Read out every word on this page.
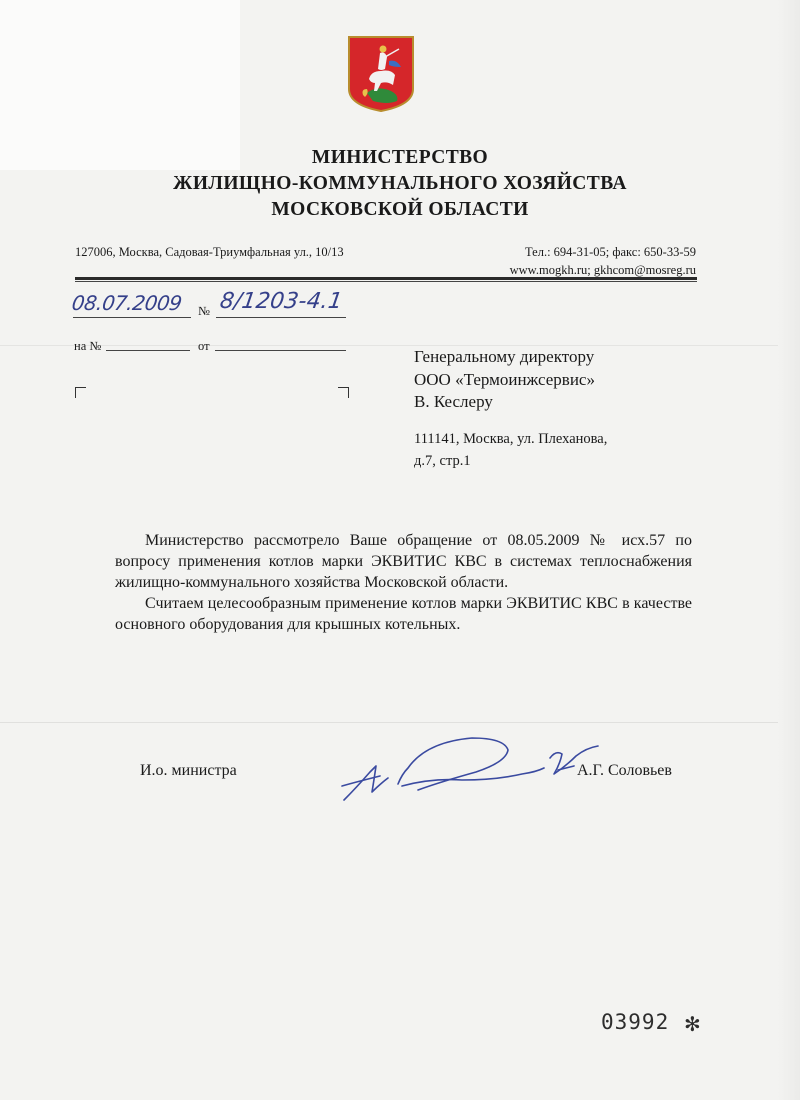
МИНИСТЕРСТВО
ЖИЛИЩНО-КОММУНАЛЬНОГО ХОЗЯЙСТВА
МОСКОВСКОЙ ОБЛАСТИ
127006, Москва, Садовая-Триумфальная ул., 10/13	Тел.: 694-31-05; факс: 650-33-59
www.mogkh.ru; gkhcom@mosreg.ru
08.07.2009 № 8/1203-4.1
на №	от
Генеральному директору
ООО «Термоинжсервис»
В. Кеслеру
111141, Москва, ул. Плеханова,
д.7, стр.1

Министерство рассмотрело Ваше обращение от 08.05.2009 № исх.57 по вопросу применения котлов марки ЭКВИТИС КВС в системах теплоснабжения жилищно-коммунального хозяйства Московской области.

Считаем целесообразным применение котлов марки ЭКВИТИС КВС в качестве основного оборудования для крышных котельных.

И.о. министра	А.Г. Соловьев
03992 ✻
